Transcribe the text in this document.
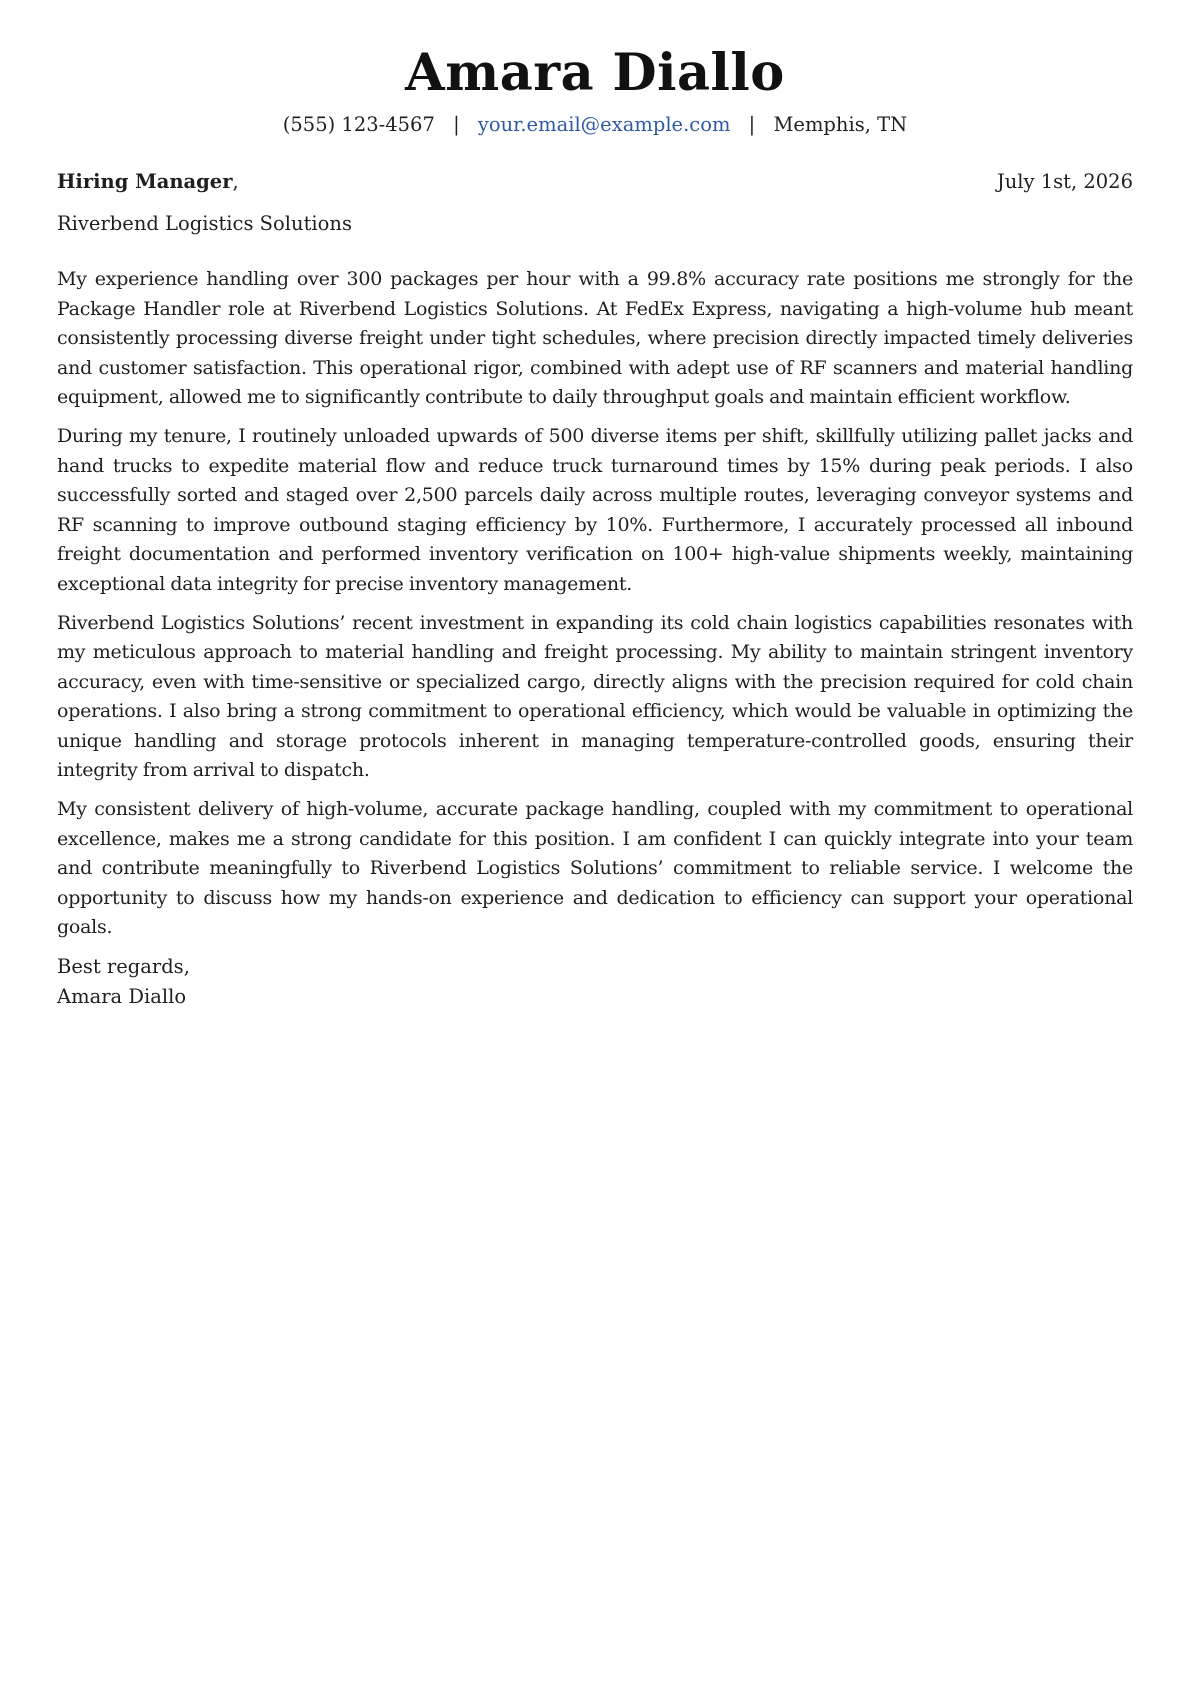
Amara Diallo
(555) 123-4567 | your.email@example.com | Memphis, TN
Hiring Manager,	July 1st, 2026
Riverbend Logistics Solutions

My experience handling over 300 packages per hour with a 99.8% accuracy rate positions me strongly for the Package Handler role at Riverbend Logistics Solutions. At FedEx Express, navigating a high-volume hub meant consistently processing diverse freight under tight schedules, where precision directly impacted timely deliveries and customer satisfaction. This operational rigor, combined with adept use of RF scanners and material handling equipment, allowed me to significantly contribute to daily throughput goals and maintain efficient workflow.

During my tenure, I routinely unloaded upwards of 500 diverse items per shift, skillfully utilizing pallet jacks and hand trucks to expedite material flow and reduce truck turnaround times by 15% during peak periods. I also successfully sorted and staged over 2,500 parcels daily across multiple routes, leveraging conveyor systems and RF scanning to improve outbound staging efficiency by 10%. Furthermore, I accurately processed all inbound freight documentation and performed inventory verification on 100+ high-value shipments weekly, maintaining exceptional data integrity for precise inventory management.

Riverbend Logistics Solutions’ recent investment in expanding its cold chain logistics capabilities resonates with my meticulous approach to material handling and freight processing. My ability to maintain stringent inventory accuracy, even with time-sensitive or specialized cargo, directly aligns with the precision required for cold chain operations. I also bring a strong commitment to operational efficiency, which would be valuable in optimizing the unique handling and storage protocols inherent in managing temperature-controlled goods, ensuring their integrity from arrival to dispatch.

My consistent delivery of high-volume, accurate package handling, coupled with my commitment to operational excellence, makes me a strong candidate for this position. I am confident I can quickly integrate into your team and contribute meaningfully to Riverbend Logistics Solutions’ commitment to reliable service. I welcome the opportunity to discuss how my hands-on experience and dedication to efficiency can support your operational goals.

Best regards,
Amara Diallo
